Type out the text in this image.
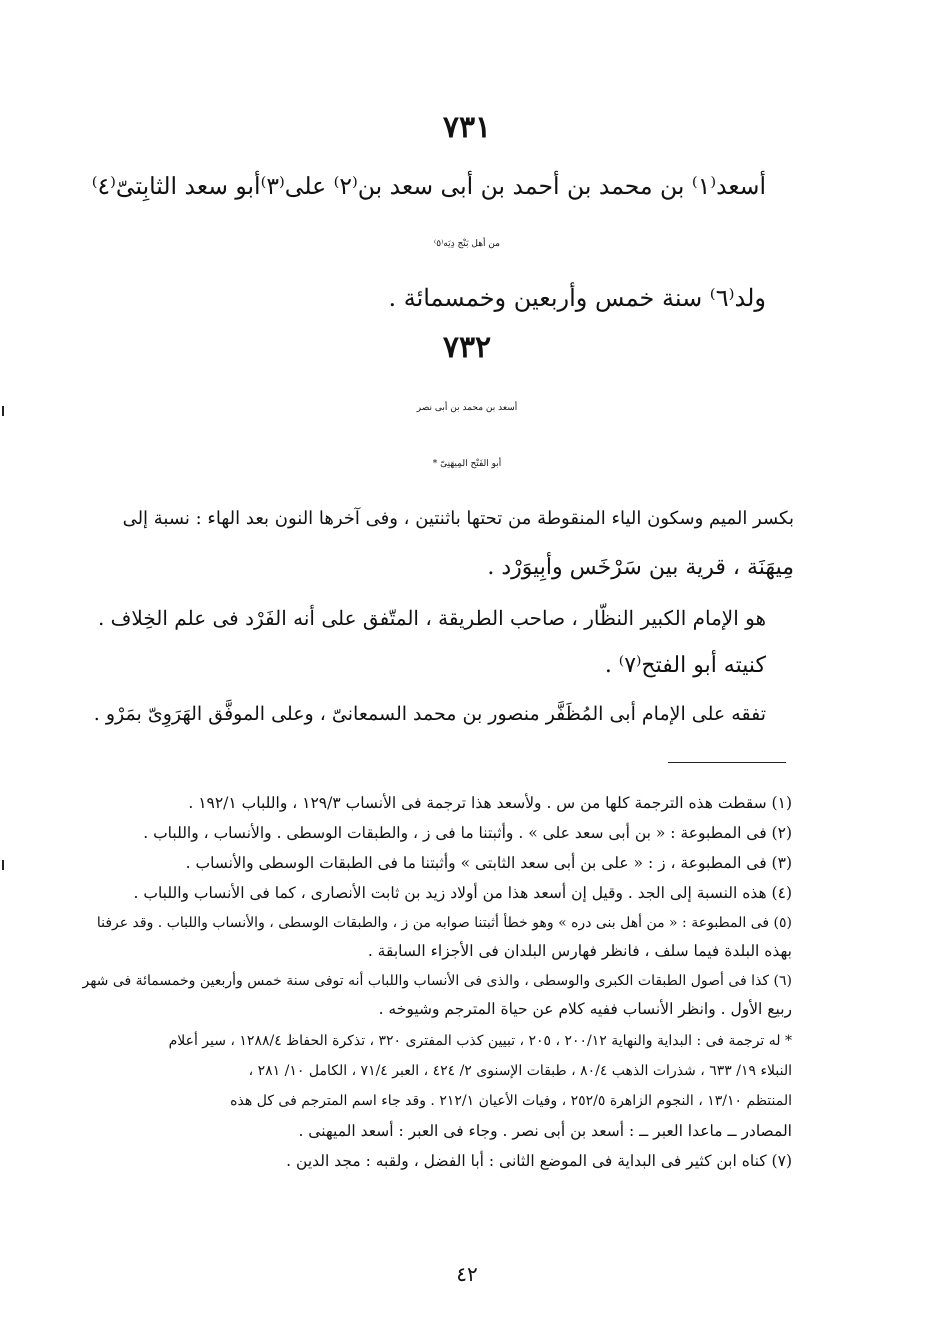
٧٣١
أسعد⁽١⁾ بن محمد بن أحمد بن أبى سعد بن⁽٢⁾ على⁽٣⁾أبو سعد الثابِتىّ⁽٤⁾
من أهل بَنْج دِيَه⁽٥⁾
ولد⁽٦⁾ سنة خمس وأربعين وخمسمائة .
٧٣٢
أسعد بن محمد بن أبى نصر
أبو الفَتْح المِيهَنِىّ *
بكسر الميم وسكون الياء المنقوطة من تحتها باثنتين ، وفى آخرها النون بعد الهاء : نسبة إلى
مِيهَنَة ، قرية بين سَرْخَس وأبِيوَرْد .
هو الإمام الكبير النظّار ، صاحب الطريقة ، المتّفق على أنه الفَرْد فى علم الخِلاف .
كنيته أبو الفتح⁽٧⁾ .
تفقه على الإمام أبى المُظَفَّر منصور بن محمد السمعانىّ ، وعلى الموفَّق الهَرَوِىّ بمَرْو .
(١) سقطت هذه الترجمة كلها من س . ولأسعد هذا ترجمة فى الأنساب ١٢٩/٣ ، واللباب ١٩٢/١ .
(٢) فى المطبوعة : « بن أبى سعد على » . وأثبتنا ما فى ز ، والطبقات الوسطى . والأنساب ، واللباب .
(٣) فى المطبوعة ، ز : « على بن أبى سعد الثابتى » وأثبتنا ما فى الطبقات الوسطى والأنساب .
(٤) هذه النسبة إلى الجد . وقيل إن أسعد هذا من أولاد زيد بن ثابت الأنصارى ، كما فى الأنساب واللباب .
(٥) فى المطبوعة : « من أهل بنى دره » وهو خطأ أثبتنا صوابه من ز ، والطبقات الوسطى ، والأنساب واللباب . وقد عرفنا
بهذه البلدة فيما سلف ، فانظر فهارس البلدان فى الأجزاء السابقة .
(٦) كذا فى أصول الطبقات الكبرى والوسطى ، والذى فى الأنساب واللباب أنه توفى سنة خمس وأربعين وخمسمائة فى شهر
ربيع الأول . وانظر الأنساب ففيه كلام عن حياة المترجم وشيوخه .
* له ترجمة فى : البداية والنهاية ٢٠٠/١٢ ، ٢٠٥ ، تبيين كذب المفترى ٣٢٠ ، تذكرة الحفاظ ١٢٨٨/٤ ، سير أعلام
النبلاء ١٩/ ٦٣٣ ، شذرات الذهب ٨٠/٤ ، طبقات الإسنوى ٢/ ٤٢٤ ، العبر ٧١/٤ ، الكامل ١٠/ ٢٨١ ،
المنتظم ١٣/١٠ ، النجوم الزاهرة ٢٥٢/٥ ، وفيات الأعيان ٢١٢/١ . وقد جاء اسم المترجم فى كل هذه
المصادر ــ ماعدا العبر ــ : أسعد بن أبى نصر . وجاء فى العبر : أسعد الميهنى .
(٧) كناه ابن كثير فى البداية فى الموضع الثانى : أبا الفضل ، ولقبه : مجد الدين .
٤٢
